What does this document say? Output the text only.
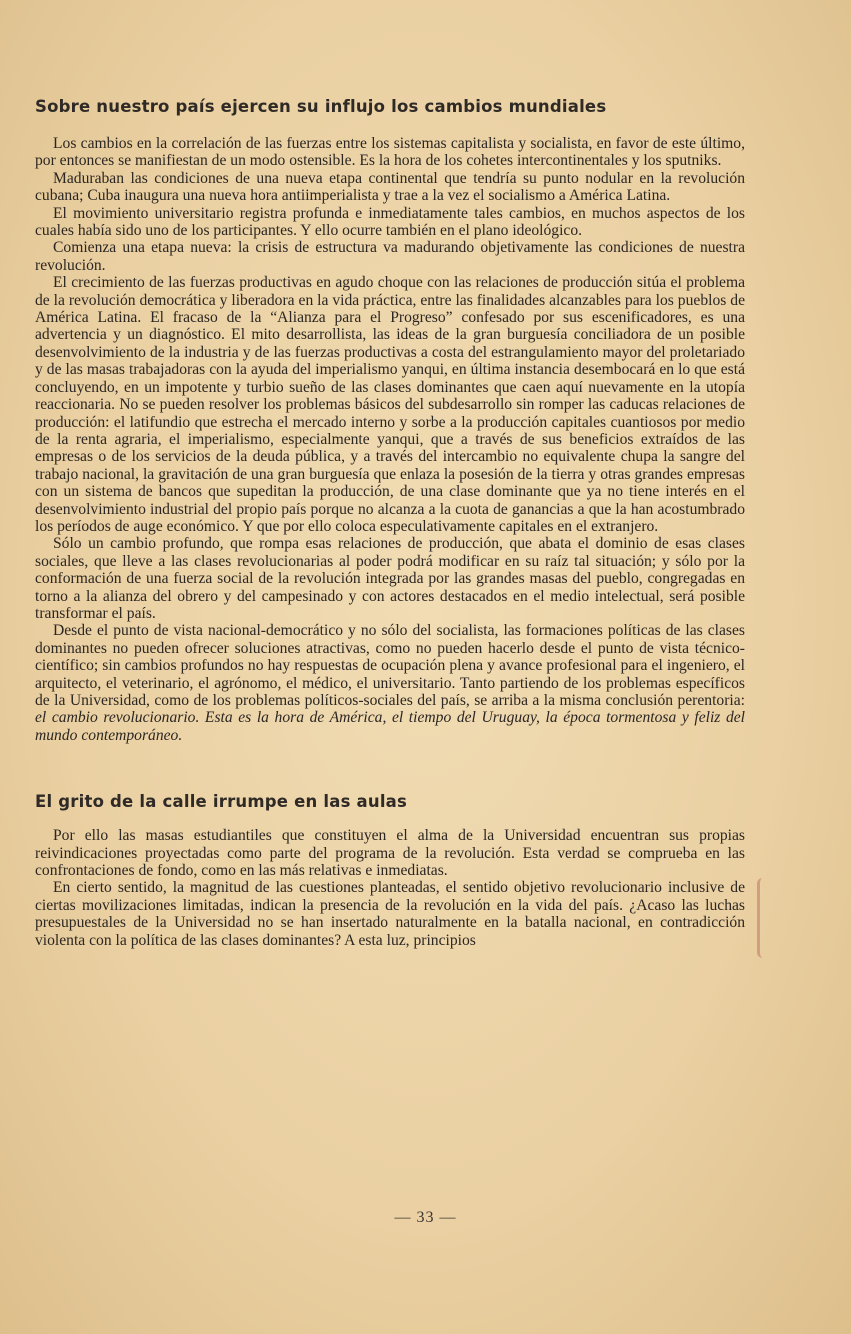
Sobre nuestro país ejercen su influjo los cambios mundiales

Los cambios en la correlación de las fuerzas entre los sistemas capitalista y socialista, en favor de este último, por entonces se manifiestan de un modo ostensible. Es la hora de los cohetes intercontinentales y los sputniks.

Maduraban las condiciones de una nueva etapa continental que tendría su punto nodular en la revolución cubana; Cuba inaugura una nueva hora antiimperialista y trae a la vez el socialismo a América Latina.

El movimiento universitario registra profunda e inmediatamente tales cambios, en muchos aspectos de los cuales había sido uno de los participantes. Y ello ocurre también en el plano ideológico.

Comienza una etapa nueva: la crisis de estructura va madurando objetivamente las condiciones de nuestra revolución.

El crecimiento de las fuerzas productivas en agudo choque con las relaciones de producción sitúa el problema de la revolución democrática y liberadora en la vida práctica, entre las finalidades alcanzables para los pueblos de América Latina. El fracaso de la “Alianza para el Progreso” confesado por sus escenificadores, es una advertencia y un diagnóstico. El mito desarrollista, las ideas de la gran burguesía conciliadora de un posible desenvolvimiento de la industria y de las fuerzas productivas a costa del estrangulamiento mayor del proletariado y de las masas trabajadoras con la ayuda del imperialismo yanqui, en última instancia desembocará en lo que está concluyendo, en un impotente y turbio sueño de las clases dominantes que caen aquí nuevamente en la utopía reaccionaria. No se pueden resolver los problemas básicos del subdesarrollo sin romper las caducas relaciones de producción: el latifundio que estrecha el mercado interno y sorbe a la producción capitales cuantiosos por medio de la renta agraria, el imperialismo, especialmente yanqui, que a través de sus beneficios extraídos de las empresas o de los servicios de la deuda pública, y a través del intercambio no equivalente chupa la sangre del trabajo nacional, la gravitación de una gran burguesía que enlaza la posesión de la tierra y otras grandes empresas con un sistema de bancos que supeditan la producción, de una clase dominante que ya no tiene interés en el desenvolvimiento industrial del propio país porque no alcanza a la cuota de ganancias a que la han acostumbrado los períodos de auge económico. Y que por ello coloca especulativamente capitales en el extranjero.

Sólo un cambio profundo, que rompa esas relaciones de producción, que abata el dominio de esas clases sociales, que lleve a las clases revolucionarias al poder podrá modificar en su raíz tal situación; y sólo por la conformación de una fuerza social de la revolución integrada por las grandes masas del pueblo, congregadas en torno a la alianza del obrero y del campesinado y con actores destacados en el medio intelectual, será posible transformar el país.

Desde el punto de vista nacional-democrático y no sólo del socialista, las formaciones políticas de las clases dominantes no pueden ofrecer soluciones atractivas, como no pueden hacerlo desde el punto de vista técnico-científico; sin cambios profundos no hay respuestas de ocupación plena y avance profesional para el ingeniero, el arquitecto, el veterinario, el agrónomo, el médico, el universitario. Tanto partiendo de los problemas específicos de la Universidad, como de los problemas políticos-sociales del país, se arriba a la misma conclusión perentoria: el cambio revolucionario. Esta es la hora de América, el tiempo del Uruguay, la época tormentosa y feliz del mundo contemporáneo.

El grito de la calle irrumpe en las aulas

Por ello las masas estudiantiles que constituyen el alma de la Universidad encuentran sus propias reivindicaciones proyectadas como parte del programa de la revolución. Esta verdad se comprueba en las confrontaciones de fondo, como en las más relativas e inmediatas.

En cierto sentido, la magnitud de las cuestiones planteadas, el sentido objetivo revolucionario inclusive de ciertas movilizaciones limitadas, indican la presencia de la revolución en la vida del país. ¿Acaso las luchas presupuestales de la Universidad no se han insertado naturalmente en la batalla nacional, en contradicción violenta con la política de las clases dominantes? A esta luz, principios

— 33 —
